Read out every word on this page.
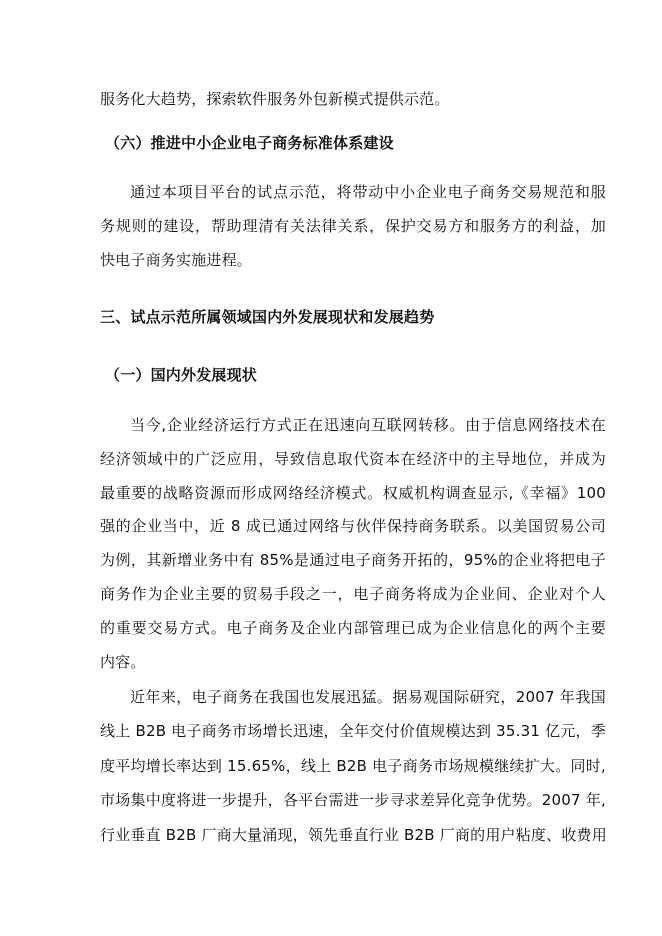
服务化大趋势，探索软件服务外包新模式提供示范。
（六）推进中小企业电子商务标准体系建设
通过本项目平台的试点示范，将带动中小企业电子商务交易规范和服
务规则的建设，帮助理清有关法律关系，保护交易方和服务方的利益，加
快电子商务实施进程。
三、试点示范所属领域国内外发展现状和发展趋势
（一）国内外发展现状
当今,企业经济运行方式正在迅速向互联网转移。由于信息网络技术在
经济领域中的广泛应用，导致信息取代资本在经济中的主导地位，并成为
最重要的战略资源而形成网络经济模式。权威机构调查显示,《幸福》100
强的企业当中，近 8 成已通过网络与伙伴保持商务联系。以美国贸易公司
为例，其新增业务中有 85%是通过电子商务开拓的，95%的企业将把电子
商务作为企业主要的贸易手段之一，电子商务将成为企业间、企业对个人
的重要交易方式。电子商务及企业内部管理已成为企业信息化的两个主要
内容。
近年来，电子商务在我国也发展迅猛。据易观国际研究，2007 年我国
线上 B2B 电子商务市场增长迅速，全年交付价值规模达到 35.31 亿元，季
度平均增长率达到 15.65%，线上 B2B 电子商务市场规模继续扩大。同时,
市场集中度将进一步提升，各平台需进一步寻求差异化竞争优势。2007 年,
行业垂直 B2B 厂商大量涌现，领先垂直行业 B2B 厂商的用户粘度、收费用
